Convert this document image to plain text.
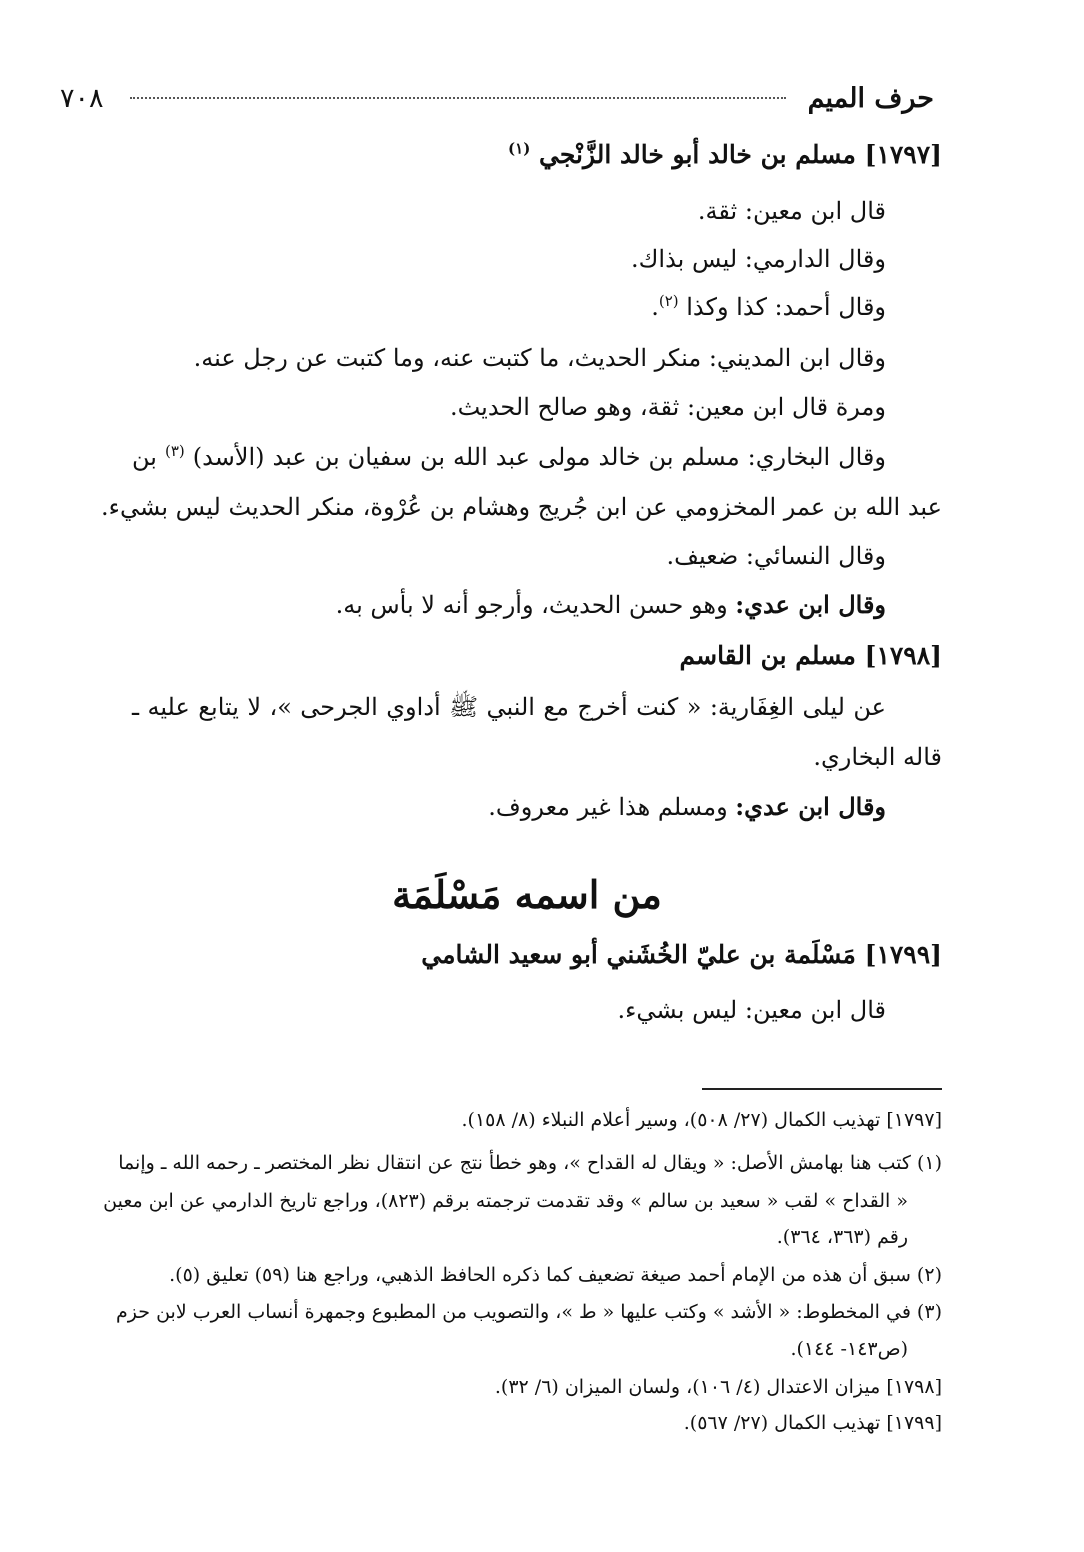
حرف الميم
٧٠٨
[١٧٩٧] مسلم بن خالد أبو خالد الزَّنْجي $^{(١)}$
قال ابن معين: ثقة.
وقال الدارمي: ليس بذاك.
وقال أحمد: كذا وكذا $^{(٢)}$.
وقال ابن المديني: منكر الحديث، ما كتبت عنه، وما كتبت عن رجل عنه.
ومرة قال ابن معين: ثقة، وهو صالح الحديث.
وقال البخاري: مسلم بن خالد مولى عبد الله بن سفيان بن عبد (الأسد) $^{(٣)}$ بن
عبد الله بن عمر المخزومي عن ابن جُريج وهشام بن عُرْوة، منكر الحديث ليس بشيء.
وقال النسائي: ضعيف.
وقال ابن عدي: وهو حسن الحديث، وأرجو أنه لا بأس به.
[١٧٩٨] مسلم بن القاسم
عن ليلى الغِفَارية: « كنت أخرج مع النبي ﷺ أداوي الجرحى »، لا يتابع عليه ـ
قاله البخاري.
وقال ابن عدي: ومسلم هذا غير معروف.
من اسمه مَسْلَمَة
[١٧٩٩] مَسْلَمة بن عليّ الخُشَني أبو سعيد الشامي
قال ابن معين: ليس بشيء.
[١٧٩٧] تهذيب الكمال (٢٧/ ٥٠٨)، وسير أعلام النبلاء (٨/ ١٥٨).
(١) كتب هنا بهامش الأصل: « ويقال له القداح »، وهو خطأ نتج عن انتقال نظر المختصر ـ رحمه الله ـ وإنما
« القداح » لقب « سعيد بن سالم » وقد تقدمت ترجمته برقم (٨٢٣)، وراجع تاريخ الدارمي عن ابن معين
رقم (٣٦٣، ٣٦٤).
(٢) سبق أن هذه من الإمام أحمد صيغة تضعيف كما ذكره الحافظ الذهبي، وراجع هنا (٥٩) تعليق (٥).
(٣) في المخطوط: « الأشد » وكتب عليها « ط »، والتصويب من المطبوع وجمهرة أنساب العرب لابن حزم
(ص١٤٣- ١٤٤).
[١٧٩٨] ميزان الاعتدال (٤/ ١٠٦)، ولسان الميزان (٦/ ٣٢).
[١٧٩٩] تهذيب الكمال (٢٧/ ٥٦٧).
